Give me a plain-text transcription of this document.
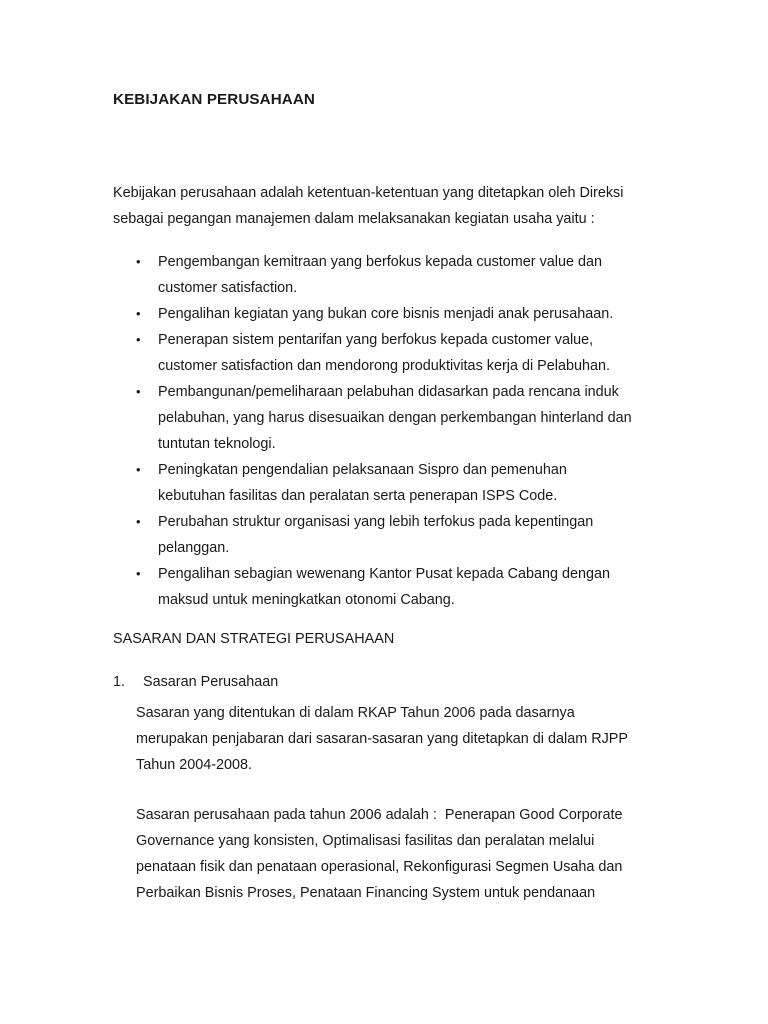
KEBIJAKAN PERUSAHAAN
Kebijakan perusahaan adalah ketentuan-ketentuan yang ditetapkan oleh Direksi
sebagai pegangan manajemen dalam melaksanakan kegiatan usaha yaitu :
• Pengembangan kemitraan yang berfokus kepada customer value dan
customer satisfaction.
• Pengalihan kegiatan yang bukan core bisnis menjadi anak perusahaan.
• Penerapan sistem pentarifan yang berfokus kepada customer value,
customer satisfaction dan mendorong produktivitas kerja di Pelabuhan.
• Pembangunan/pemeliharaan pelabuhan didasarkan pada rencana induk
pelabuhan, yang harus disesuaikan dengan perkembangan hinterland dan
tuntutan teknologi.
• Peningkatan pengendalian pelaksanaan Sispro dan pemenuhan
kebutuhan fasilitas dan peralatan serta penerapan ISPS Code.
• Perubahan struktur organisasi yang lebih terfokus pada kepentingan
pelanggan.
• Pengalihan sebagian wewenang Kantor Pusat kepada Cabang dengan
maksud untuk meningkatkan otonomi Cabang.
SASARAN DAN STRATEGI PERUSAHAAN
1. Sasaran Perusahaan
Sasaran yang ditentukan di dalam RKAP Tahun 2006 pada dasarnya
merupakan penjabaran dari sasaran-sasaran yang ditetapkan di dalam RJPP
Tahun 2004-2008.
Sasaran perusahaan pada tahun 2006 adalah :  Penerapan Good Corporate
Governance yang konsisten, Optimalisasi fasilitas dan peralatan melalui
penataan fisik dan penataan operasional, Rekonfigurasi Segmen Usaha dan
Perbaikan Bisnis Proses, Penataan Financing System untuk pendanaan
